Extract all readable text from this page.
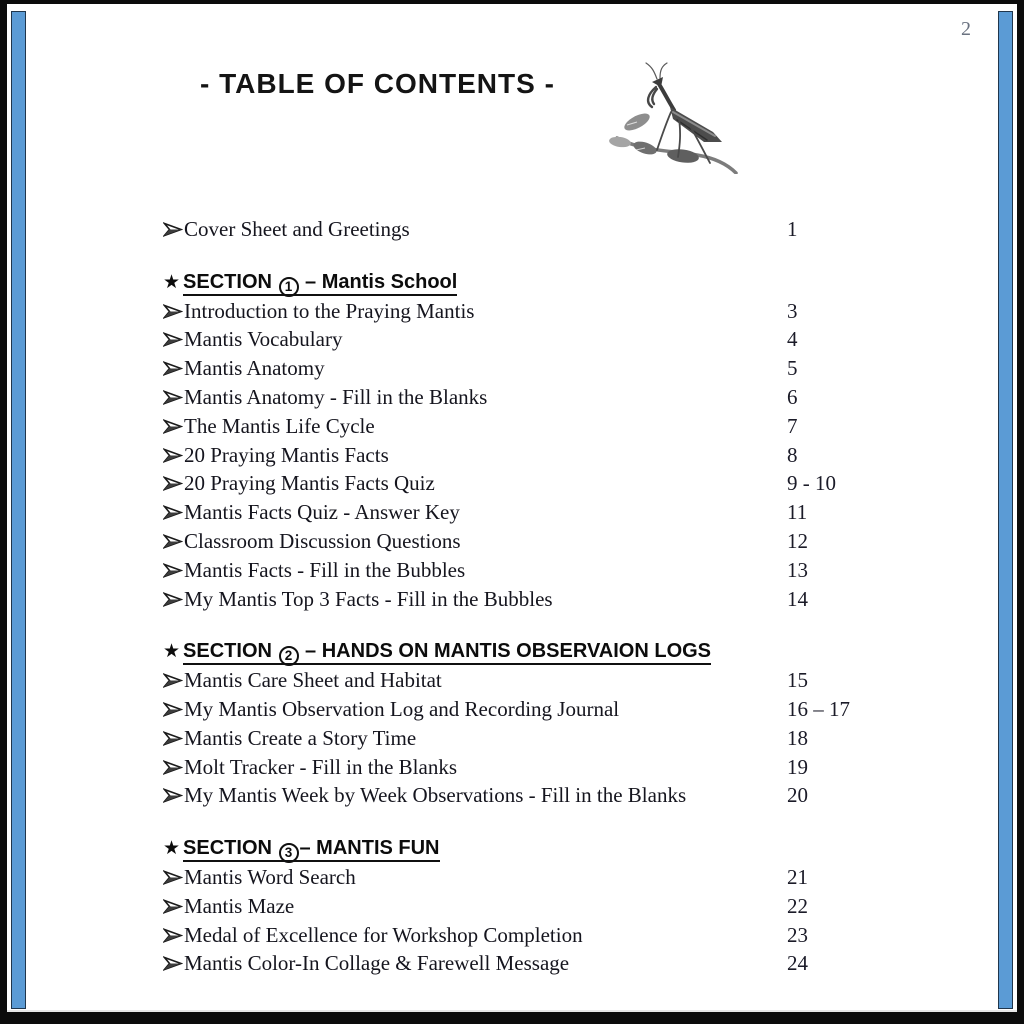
2
- TABLE OF CONTENTS -
Cover Sheet and Greetings	1
★ SECTION 1 – Mantis School
Introduction to the Praying Mantis	3
Mantis Vocabulary	4
Mantis Anatomy	5
Mantis Anatomy - Fill in the Blanks	6
The Mantis Life Cycle	7
20 Praying Mantis Facts	8
20 Praying Mantis Facts Quiz	9 - 10
Mantis Facts Quiz - Answer Key	11
Classroom Discussion Questions	12
Mantis Facts - Fill in the Bubbles	13
My Mantis Top 3 Facts - Fill in the Bubbles	14
★ SECTION 2 – HANDS ON MANTIS OBSERVAION LOGS
Mantis Care Sheet and Habitat	15
My Mantis Observation Log and Recording Journal	16 – 17
Mantis Create a Story Time	18
Molt Tracker - Fill in the Blanks	19
My Mantis Week by Week Observations - Fill in the Blanks	20
★ SECTION 3 – MANTIS FUN
Mantis Word Search	21
Mantis Maze	22
Medal of Excellence for Workshop Completion	23
Mantis Color-In Collage & Farewell Message	24
